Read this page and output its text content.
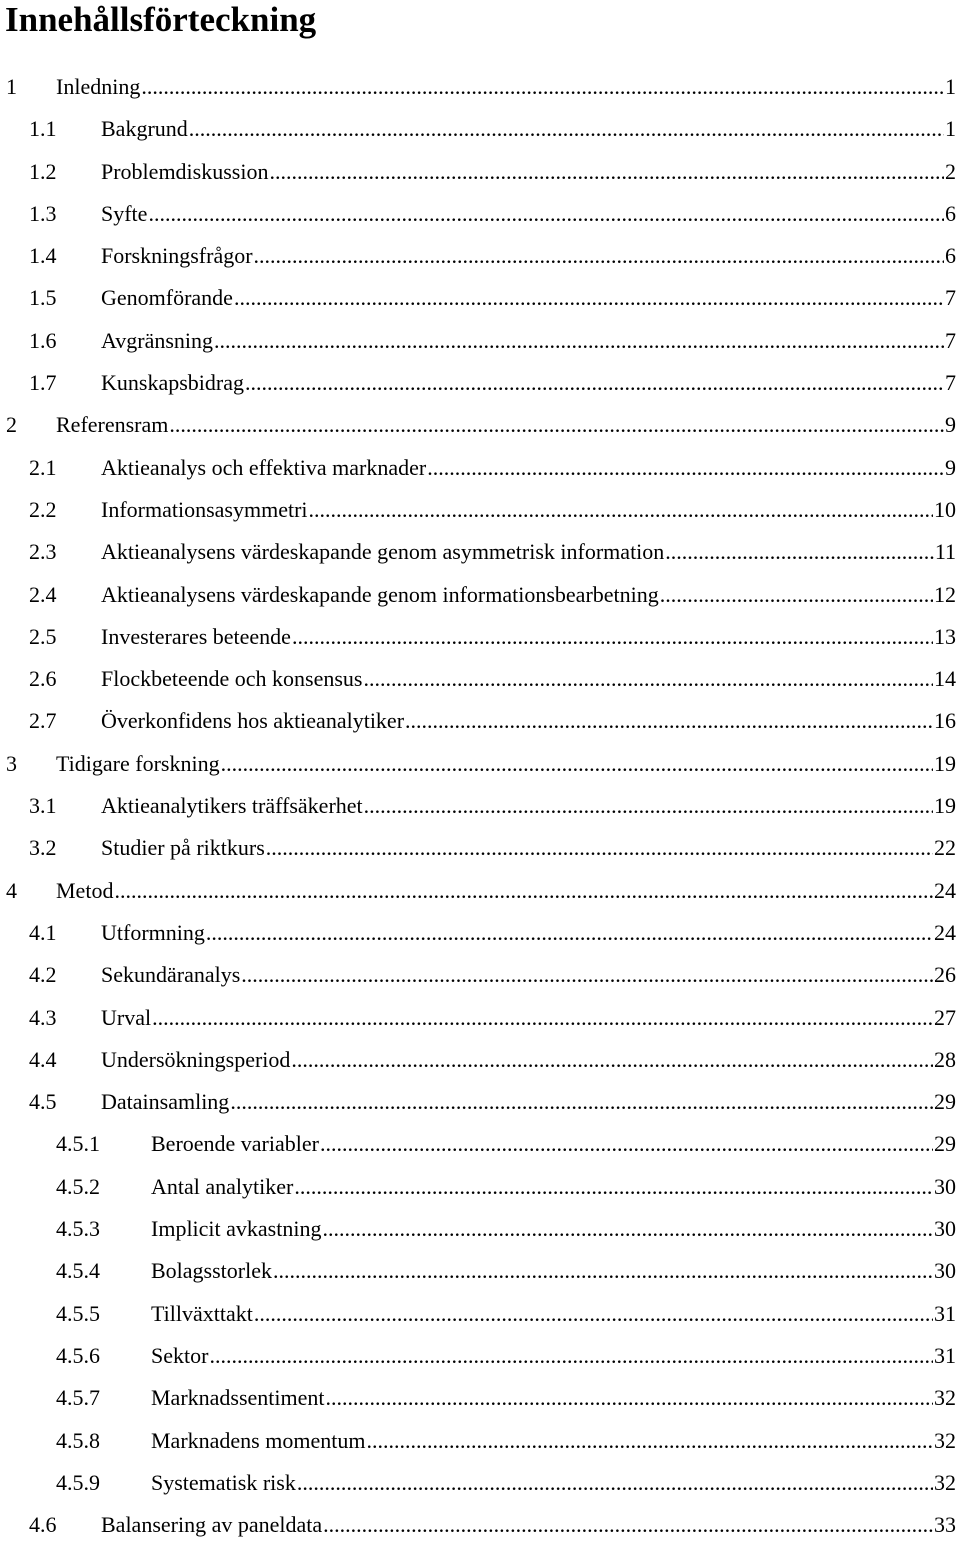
Innehållsförteckning
1 Inledning .....	1
1.1 Bakgrund .....	1
1.2 Problemdiskussion .....	2
1.3 Syfte .....	6
1.4 Forskningsfrågor .....	6
1.5 Genomförande .....	7
1.6 Avgränsning .....	7
1.7 Kunskapsbidrag .....	7
2 Referensram .....	9
2.1 Aktieanalys och effektiva marknader .....	9
2.2 Informationsasymmetri .....	10
2.3 Aktieanalysens värdeskapande genom asymmetrisk information .....	11
2.4 Aktieanalysens värdeskapande genom informationsbearbetning .....	12
2.5 Investerares beteende .....	13
2.6 Flockbeteende och konsensus .....	14
2.7 Överkonfidens hos aktieanalytiker .....	16
3 Tidigare forskning .....	19
3.1 Aktieanalytikers träffsäkerhet .....	19
3.2 Studier på riktkurs .....	22
4 Metod .....	24
4.1 Utformning .....	24
4.2 Sekundäranalys .....	26
4.3 Urval .....	27
4.4 Undersökningsperiod .....	28
4.5 Datainsamling .....	29
4.5.1 Beroende variabler .....	29
4.5.2 Antal analytiker .....	30
4.5.3 Implicit avkastning .....	30
4.5.4 Bolagsstorlek .....	30
4.5.5 Tillväxttakt .....	31
4.5.6 Sektor .....	31
4.5.7 Marknadssentiment .....	32
4.5.8 Marknadens momentum .....	32
4.5.9 Systematisk risk .....	32
4.6 Balansering av paneldata .....	33
